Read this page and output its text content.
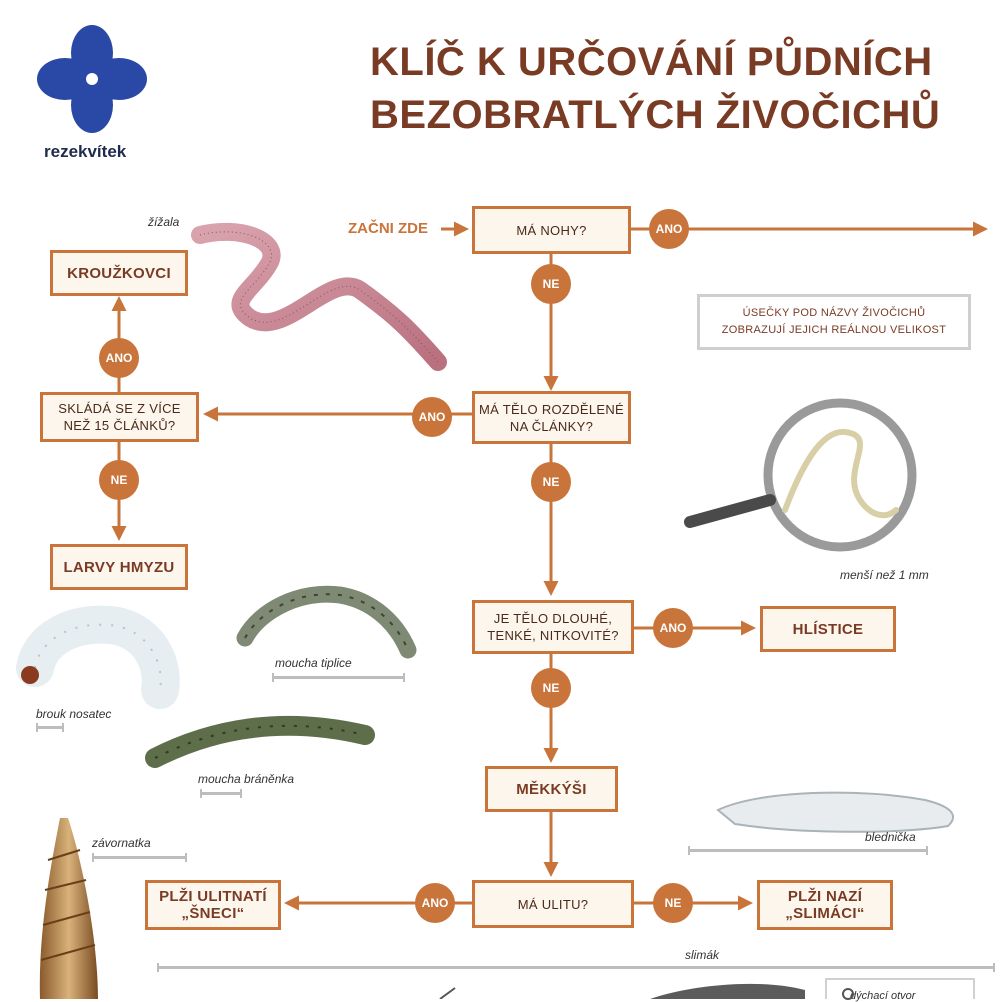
KLÍČ K URČOVÁNÍ PŮDNÍCH
BEZOBRATLÝCH ŽIVOČICHŮ
rezekvítek
ZAČNI ZDE	MÁ NOHY?
MÁ TĚLO ROZDĚLENÉ
NA ČLÁNKY?
SKLÁDÁ SE Z VÍCE
NEŽ 15 ČLÁNKŮ?
JE TĚLO DLOUHÉ,
TENKÉ, NITKOVITÉ?
MÁ ULITU?
KROUŽKOVCI
LARVY HMYZU
HLÍSTICE
MĚKKÝŠI
PLŽI ULITNATÍ
„ŠNECI“
PLŽI NAZÍ
„SLIMÁCI“
ANO
NE
ANO
ANO
NE	NE
ANO
NE
ANO	NE
ÚSEČKY POD NÁZVY ŽIVOČICHŮ
ZOBRAZUJÍ JEJICH REÁLNOU VELIKOST
žížala
menší než 1 mm
moucha tiplice
brouk nosatec
moucha bráněnka
závornatka	blednička
slimák
dýchací otvor
